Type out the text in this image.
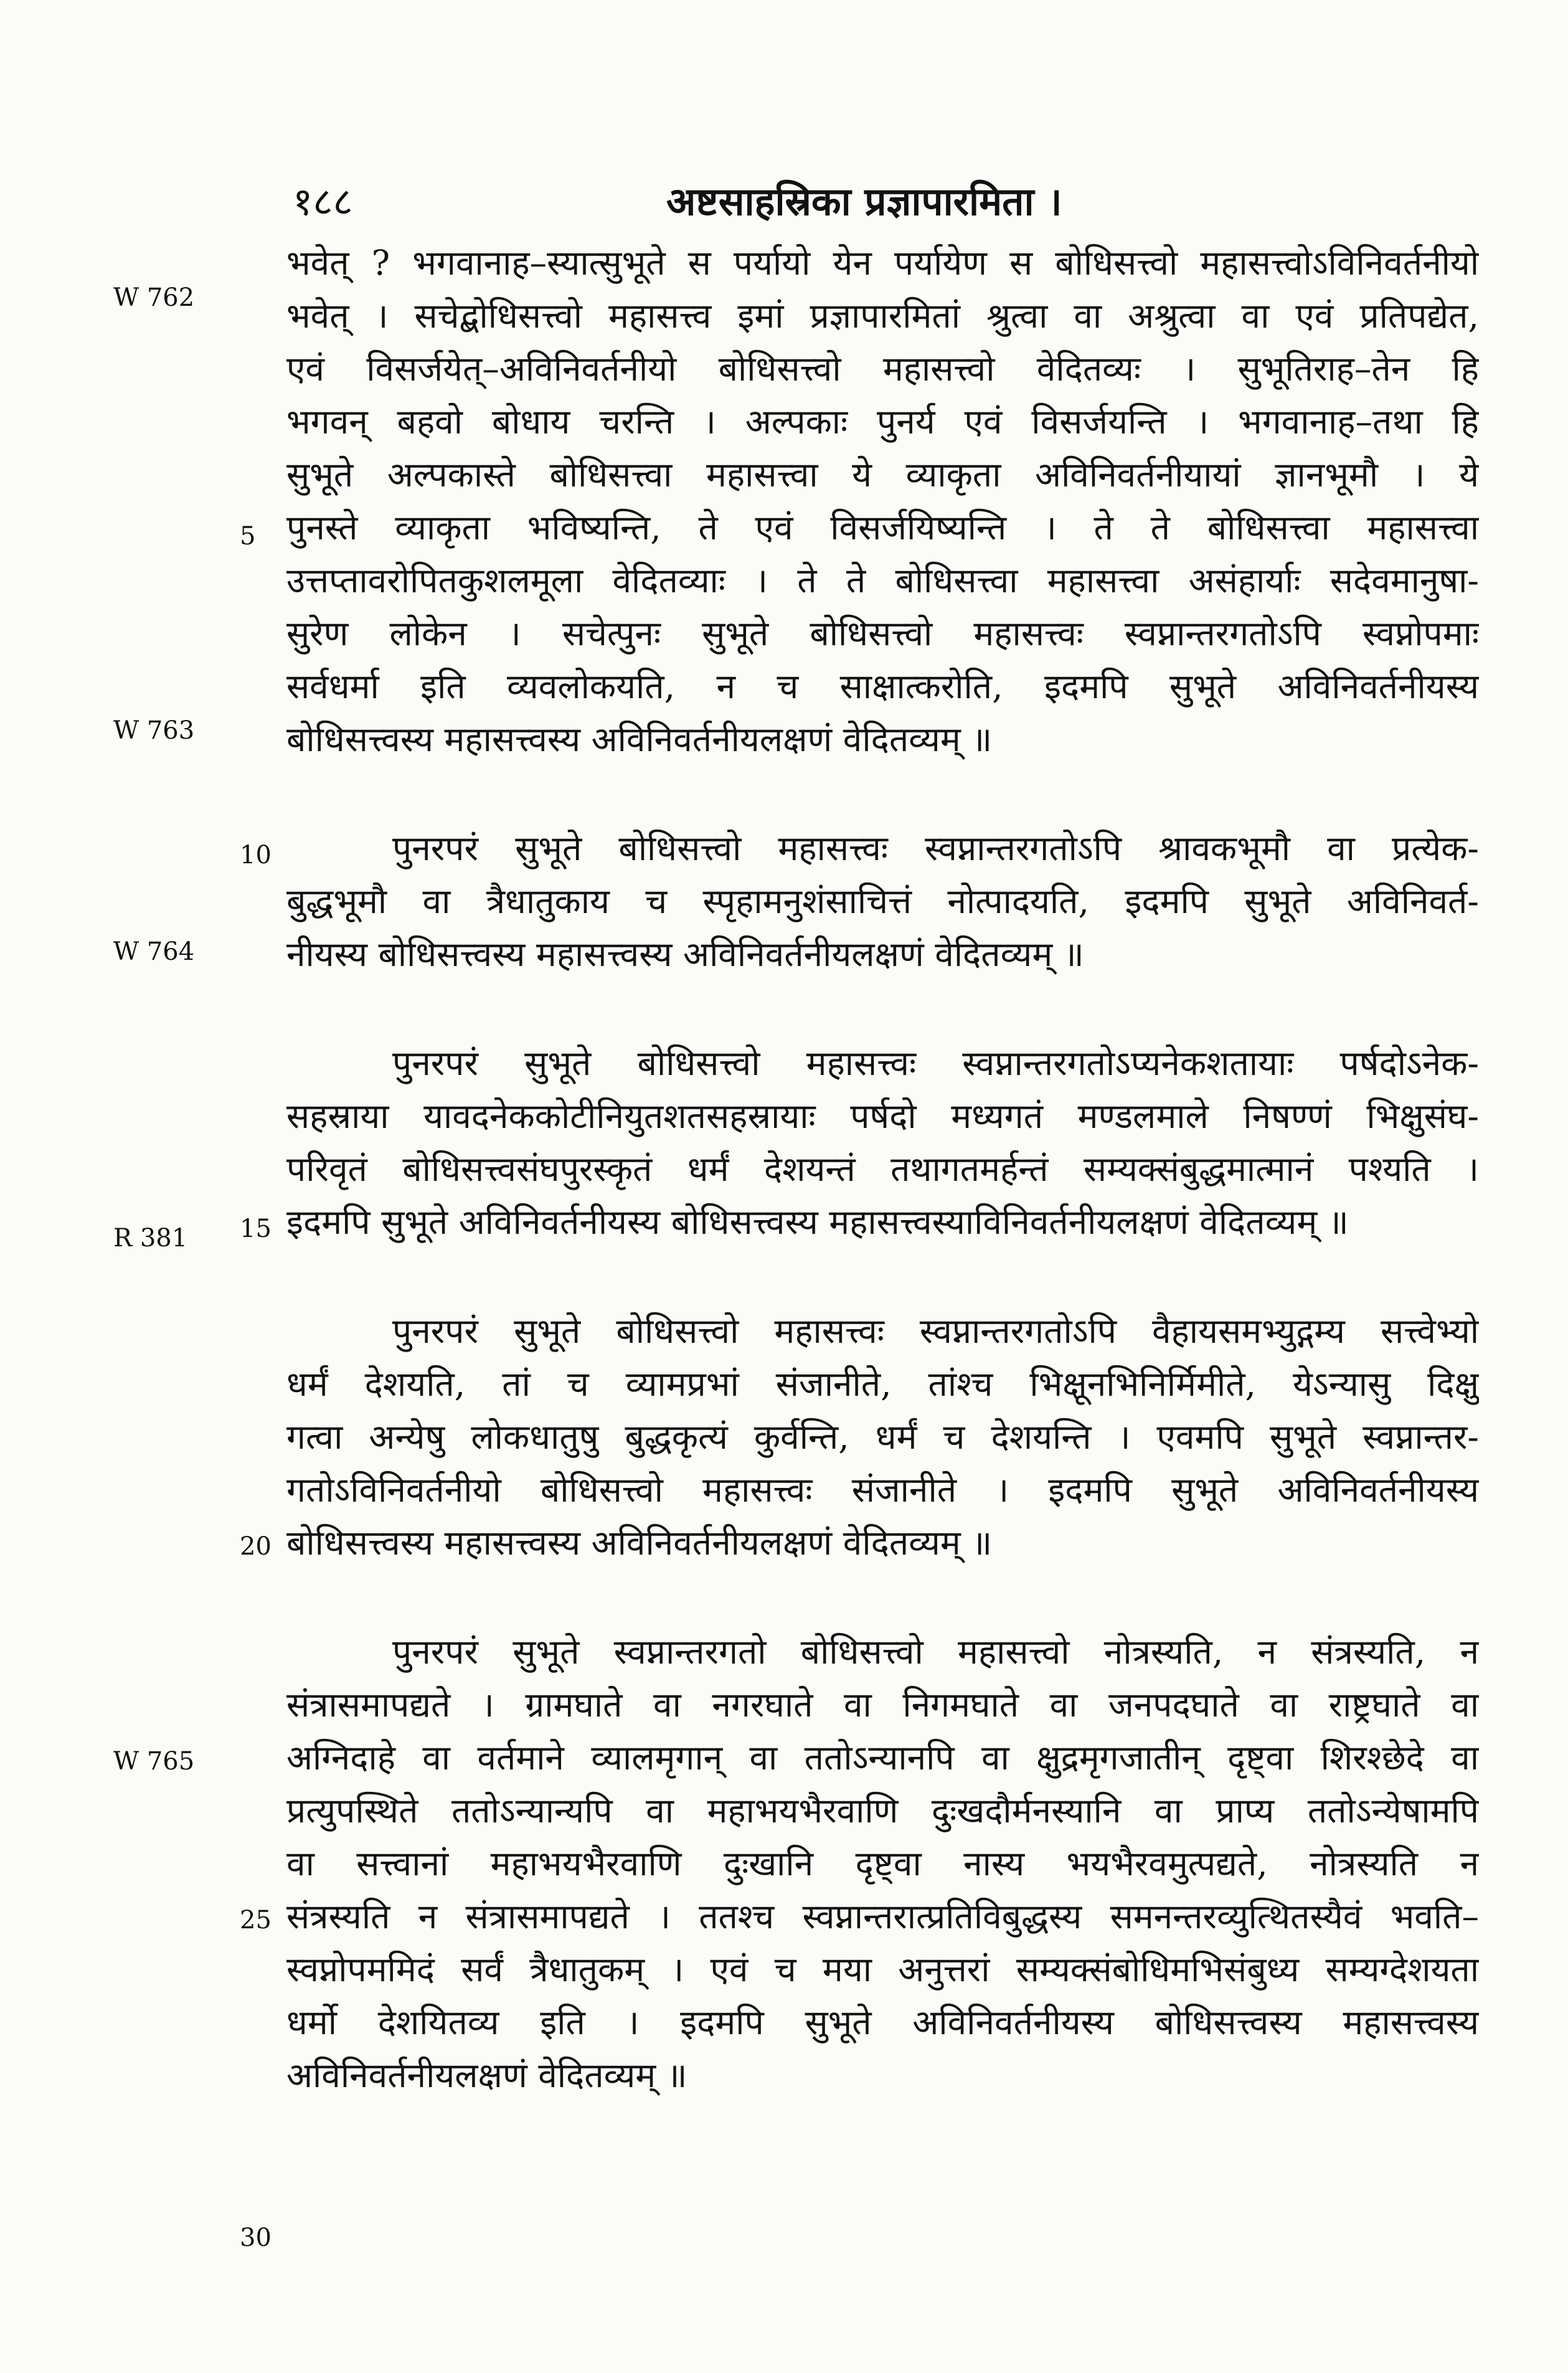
१८८	अष्टसाहस्रिका प्रज्ञापारमिता ।
W 762
W 763
W 764
R 381
W 765
5
10
15
20
25
30
भवेत् ? भगवानाह–स्यात्सुभूते स पर्यायो येन पर्यायेण स बोधिसत्त्वो महासत्त्वोऽविनिवर्तनीयो
भवेत् । सचेद्बोधिसत्त्वो महासत्त्व इमां प्रज्ञापारमितां श्रुत्वा वा अश्रुत्वा वा एवं प्रतिपद्येत,
एवं विसर्जयेत्–अविनिवर्तनीयो बोधिसत्त्वो महासत्त्वो वेदितव्यः । सुभूतिराह–तेन हि
भगवन् बहवो बोधाय चरन्ति । अल्पकाः पुनर्य एवं विसर्जयन्ति । भगवानाह–तथा हि
सुभूते अल्पकास्ते बोधिसत्त्वा महासत्त्वा ये व्याकृता अविनिवर्तनीयायां ज्ञानभूमौ । ये
पुनस्ते व्याकृता भविष्यन्ति, ते एवं विसर्जयिष्यन्ति । ते ते बोधिसत्त्वा महासत्त्वा
उत्तप्तावरोपितकुशलमूला वेदितव्याः । ते ते बोधिसत्त्वा महासत्त्वा असंहार्याः सदेवमानुषा-
सुरेण लोकेन । सचेत्पुनः सुभूते बोधिसत्त्वो महासत्त्वः स्वप्नान्तरगतोऽपि स्वप्नोपमाः
सर्वधर्मा इति व्यवलोकयति, न च साक्षात्करोति, इदमपि सुभूते अविनिवर्तनीयस्य
बोधिसत्त्वस्य महासत्त्वस्य अविनिवर्तनीयलक्षणं वेदितव्यम् ॥
पुनरपरं सुभूते बोधिसत्त्वो महासत्त्वः स्वप्नान्तरगतोऽपि श्रावकभूमौ वा प्रत्येक-
बुद्धभूमौ वा त्रैधातुकाय च स्पृहामनुशंसाचित्तं नोत्पादयति, इदमपि सुभूते अविनिवर्त-
नीयस्य बोधिसत्त्वस्य महासत्त्वस्य अविनिवर्तनीयलक्षणं वेदितव्यम् ॥
पुनरपरं सुभूते बोधिसत्त्वो महासत्त्वः स्वप्नान्तरगतोऽप्यनेकशतायाः पर्षदोऽनेक-
सहस्राया यावदनेककोटीनियुतशतसहस्रायाः पर्षदो मध्यगतं मण्डलमाले निषण्णं भिक्षुसंघ-
परिवृतं बोधिसत्त्वसंघपुरस्कृतं धर्मं देशयन्तं तथागतमर्हन्तं सम्यक्संबुद्धमात्मानं पश्यति ।
इदमपि सुभूते अविनिवर्तनीयस्य बोधिसत्त्वस्य महासत्त्वस्याविनिवर्तनीयलक्षणं वेदितव्यम् ॥
पुनरपरं सुभूते बोधिसत्त्वो महासत्त्वः स्वप्नान्तरगतोऽपि वैहायसमभ्युद्गम्य सत्त्वेभ्यो
धर्मं देशयति, तां च व्यामप्रभां संजानीते, तांश्च भिक्षूनभिनिर्मिमीते, येऽन्यासु दिक्षु
गत्वा अन्येषु लोकधातुषु बुद्धकृत्यं कुर्वन्ति, धर्मं च देशयन्ति । एवमपि सुभूते स्वप्नान्तर-
गतोऽविनिवर्तनीयो बोधिसत्त्वो महासत्त्वः संजानीते । इदमपि सुभूते अविनिवर्तनीयस्य
बोधिसत्त्वस्य महासत्त्वस्य अविनिवर्तनीयलक्षणं वेदितव्यम् ॥
पुनरपरं सुभूते स्वप्नान्तरगतो बोधिसत्त्वो महासत्त्वो नोत्रस्यति, न संत्रस्यति, न
संत्रासमापद्यते । ग्रामघाते वा नगरघाते वा निगमघाते वा जनपदघाते वा राष्ट्रघाते वा
अग्निदाहे वा वर्तमाने व्यालमृगान् वा ततोऽन्यानपि वा क्षुद्रमृगजातीन् दृष्ट्वा शिरश्छेदे वा
प्रत्युपस्थिते ततोऽन्यान्यपि वा महाभयभैरवाणि दुःखदौर्मनस्यानि वा प्राप्य ततोऽन्येषामपि
वा सत्त्वानां महाभयभैरवाणि दुःखानि दृष्ट्वा नास्य भयभैरवमुत्पद्यते, नोत्रस्यति न
संत्रस्यति न संत्रासमापद्यते । ततश्च स्वप्नान्तरात्प्रतिविबुद्धस्य समनन्तरव्युत्थितस्यैवं भवति–
स्वप्नोपममिदं सर्वं त्रैधातुकम् । एवं च मया अनुत्तरां सम्यक्संबोधिमभिसंबुध्य सम्यग्देशयता
धर्मो देशयितव्य इति । इदमपि सुभूते अविनिवर्तनीयस्य बोधिसत्त्वस्य महासत्त्वस्य
अविनिवर्तनीयलक्षणं वेदितव्यम् ॥
